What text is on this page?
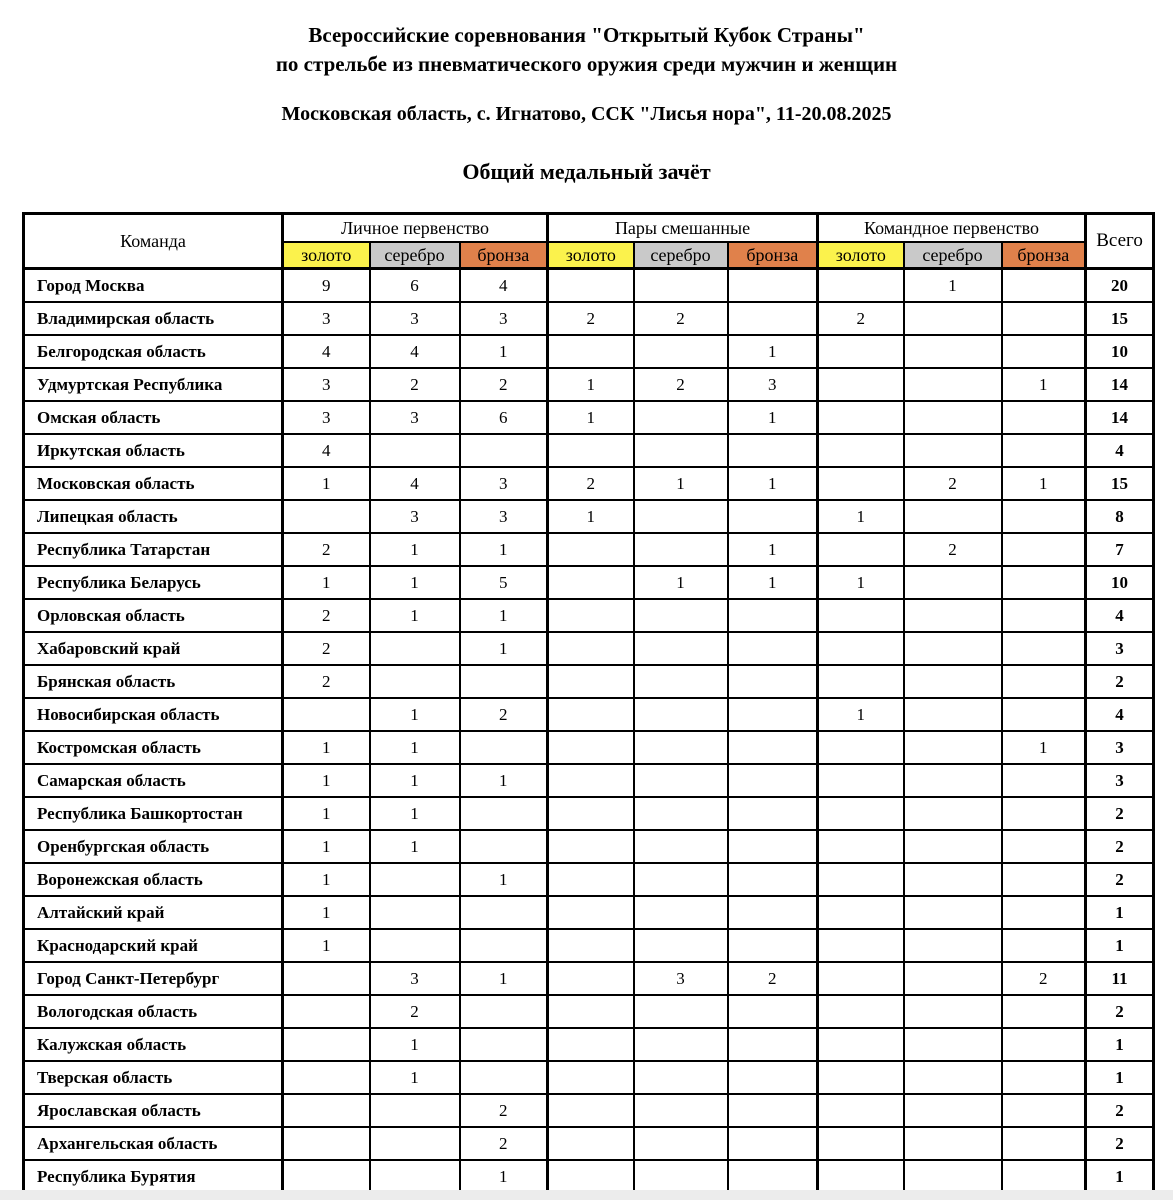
Всероссийские соревнования "Открытый Кубок Страны"
по стрельбе из пневматического оружия среди мужчин и женщин
Московская область, с. Игнатово, ССК "Лисья нора", 11-20.08.2025
Общий медальный зачёт
Команда	Личное первенство			Пары смешанные			Командное первенство			Всего
	золото	серебро	бронза	золото	серебро	бронза	золото	серебро	бронза	
Город Москва	9	6	4					1		20
Владимирская область	3	3	3	2	2		2			15
Белгородская область	4	4	1			1				10
Удмуртская Республика	3	2	2	1	2	3			1	14
Омская область	3	3	6	1		1				14
Иркутская область	4									4
Московская область	1	4	3	2	1	1		2	1	15
Липецкая область		3	3	1			1			8
Республика Татарстан	2	1	1			1		2		7
Республика Беларусь	1	1	5		1	1	1			10
Орловская область	2	1	1							4
Хабаровский край	2		1							3
Брянская область	2									2
Новосибирская область		1	2				1			4
Костромская область	1	1							1	3
Самарская область	1	1	1							3
Республика Башкортостан	1	1								2
Оренбургская область	1	1								2
Воронежская область	1		1							2
Алтайский край	1									1
Краснодарский край	1									1
Город Санкт-Петербург		3	1		3	2			2	11
Вологодская область		2								2
Калужская область		1								1
Тверская область		1								1
Ярославская область			2							2
Архангельская область			2							2
Республика Бурятия			1							1
